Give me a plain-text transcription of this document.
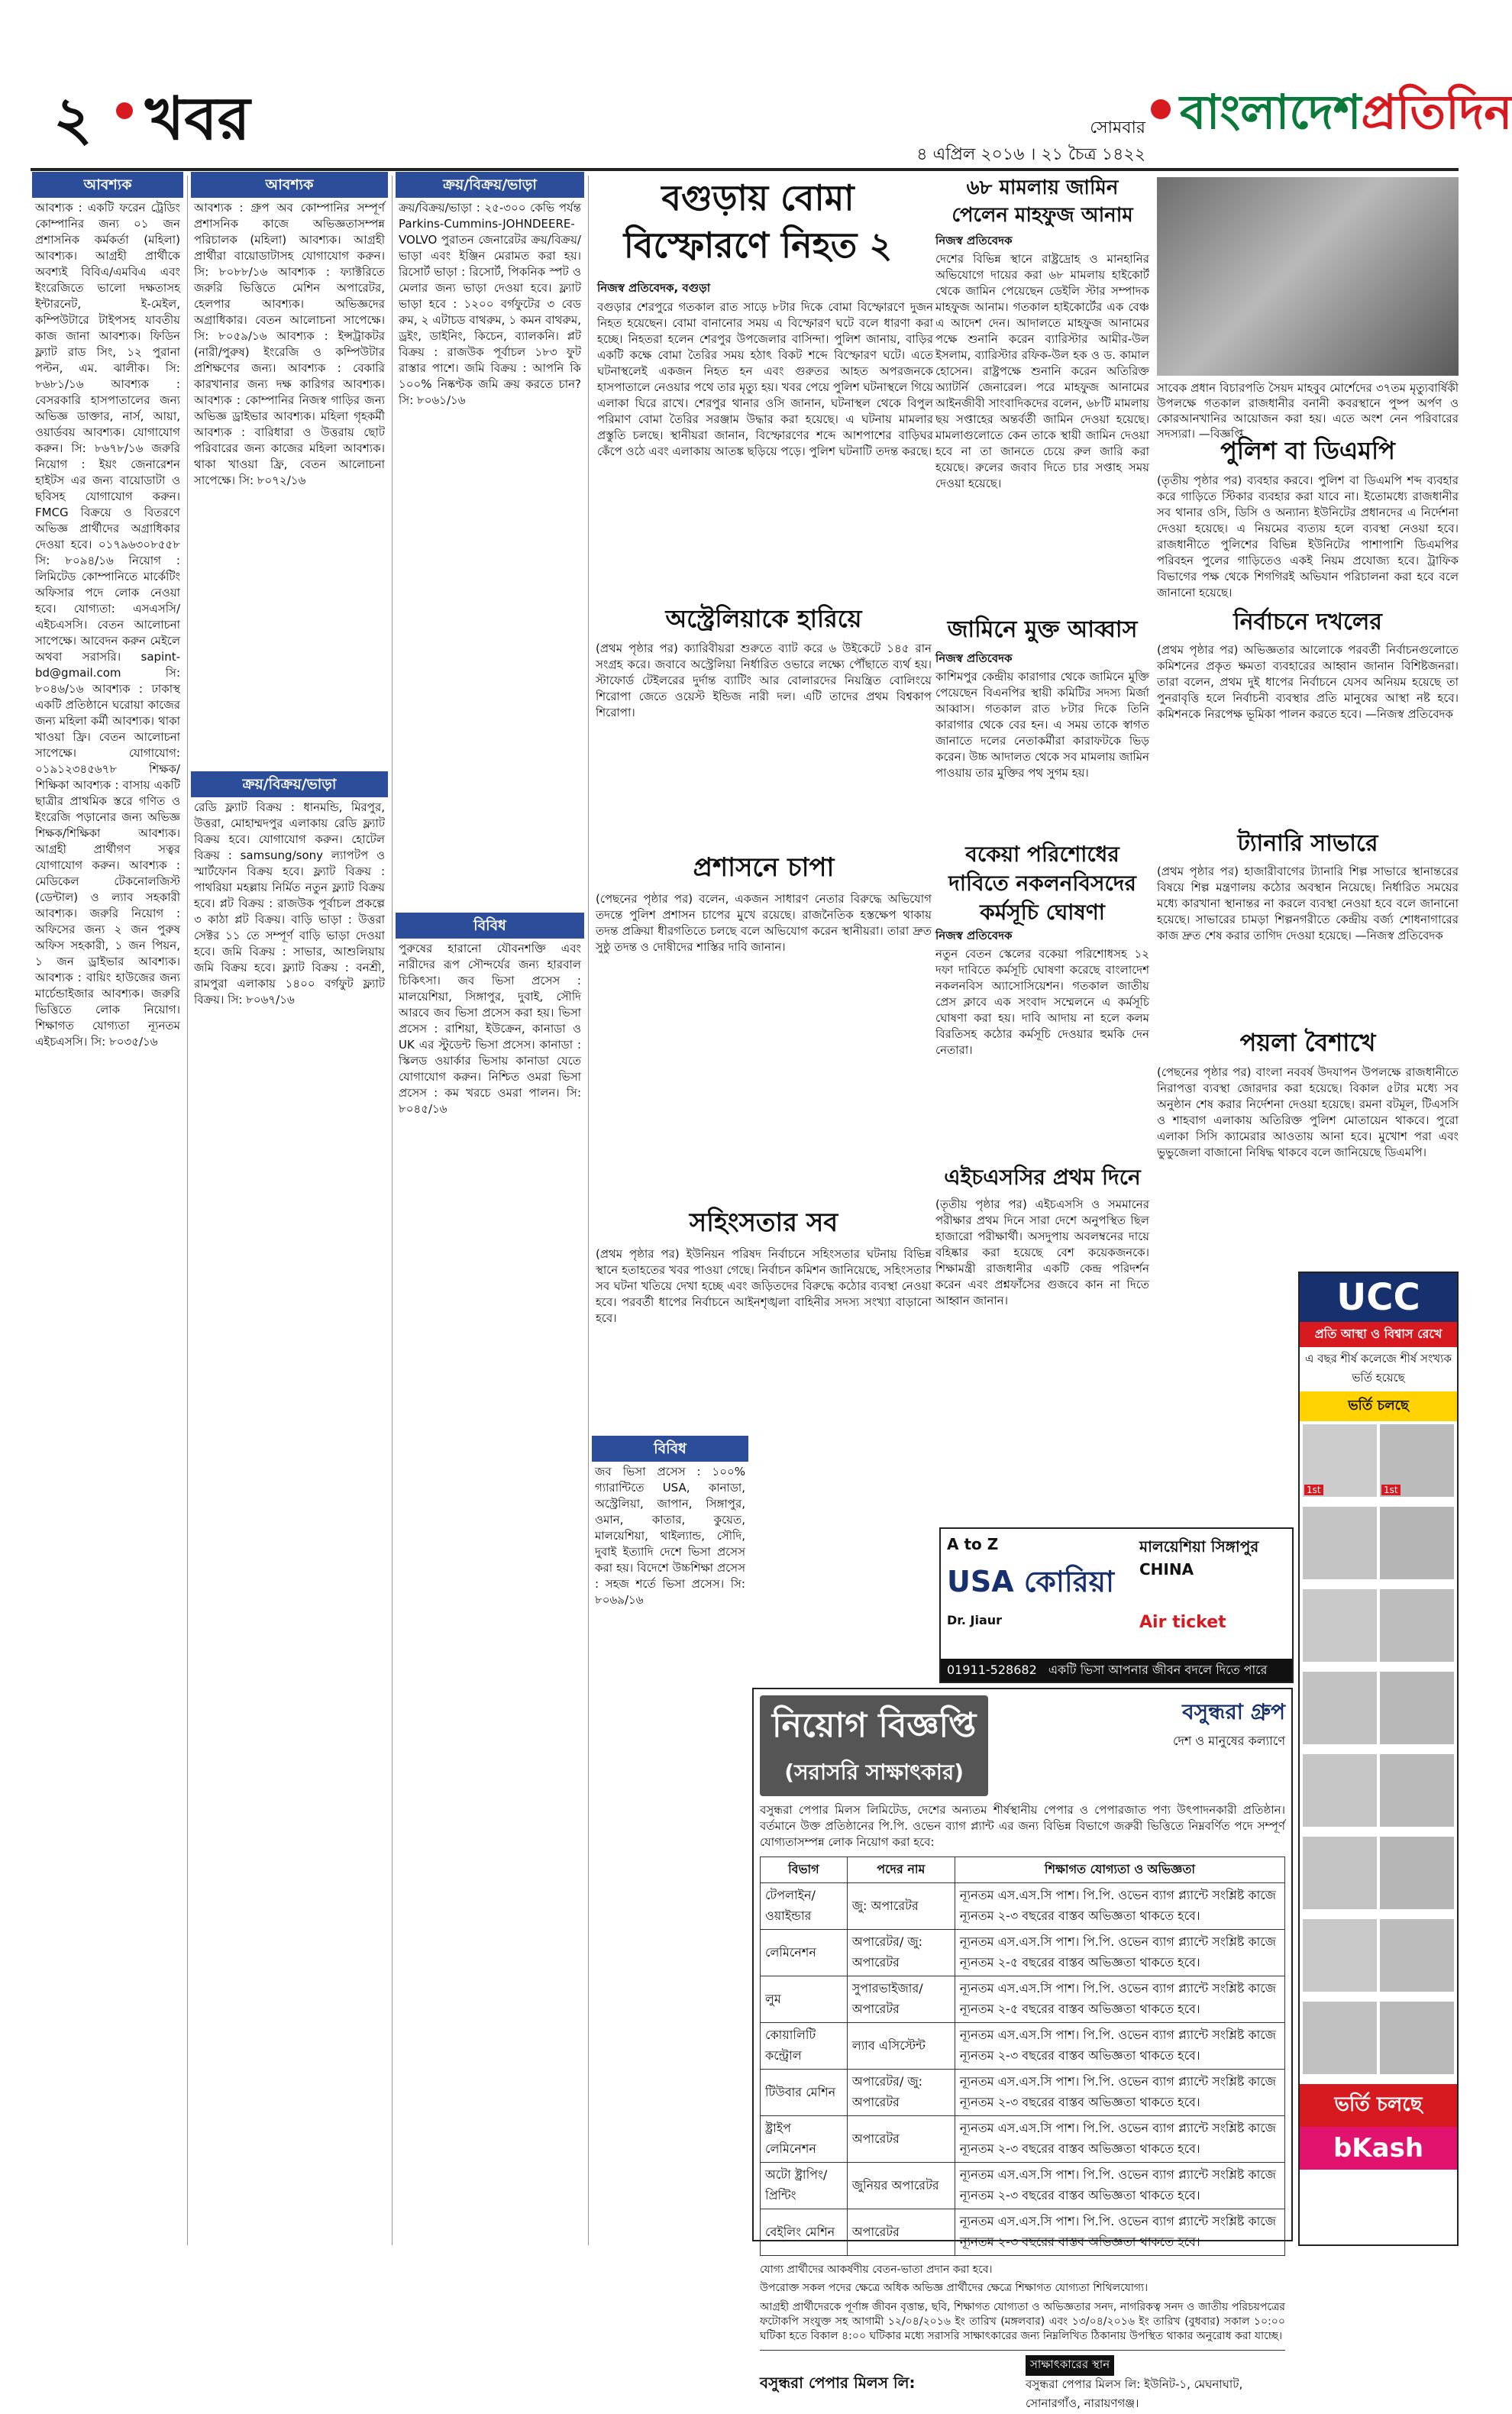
২ খবর	সোমবার
৪ এপ্রিল ২০১৬ । ২১ চৈত্র ১৪২২
বাংলাদেশপ্রতিদিন
আবশ্যক
আবশ্যক : একটি ফরেন ট্রেডিং কোম্পানির জন্য ০১ জন প্রশাসনিক কর্মকর্তা (মহিলা) আবশ্যক। আগ্রহী প্রার্থীকে অবশ্যই বিবিএ/এমবিএ এবং ইংরেজিতে ভালো দক্ষতাসহ ইন্টারনেট, ই-মেইল, কম্পিউটারে টাইপসহ যাবতীয় কাজ জানা আবশ্যক। ফিডিন ফ্ল্যাট রাড সিং, ১২ পুরানা পল্টন, এম. ঝালীক। সি: ৮৬৮১/১৬ আবশ্যক : বেসরকারি হাসপাতালের জন্য অভিজ্ঞ ডাক্তার, নার্স, আয়া, ওয়ার্ডবয় আবশ্যক। যোগাযোগ করুন। সি: ৮৬৭৮/১৬ জরুরি নিয়োগ : ইয়ং জেনারেশন হাইটস এর জন্য বায়োডাটা ও ছবিসহ যোগাযোগ করুন। FMCG বিক্রয়ে ও বিতরণে অভিজ্ঞ প্রার্থীদের অগ্রাধিকার দেওয়া হবে। ০১৭৯৬৩০৮৫৫৮ সি: ৮০৯৪/১৬ নিয়োগ : লিমিটেড কোম্পানিতে মার্কেটিং অফিসার পদে লোক নেওয়া হবে। যোগ্যতা: এসএসসি/এইচএসসি। বেতন আলোচনা সাপেক্ষে। আবেদন করুন মেইলে অথবা সরাসরি। sapint-bd@gmail.com সি: ৮০৪৬/১৬ আবশ্যক : ঢাকাস্থ একটি প্রতিষ্ঠানে ঘরোয়া কাজের জন্য মহিলা কর্মী আবশ্যক। থাকা খাওয়া ফ্রি। বেতন আলোচনা সাপেক্ষে। যোগাযোগ: ০১৯১২৩৪৫৬৭৮ শিক্ষক/শিক্ষিকা আবশ্যক : বাসায় একটি ছাত্রীর প্রাথমিক স্তরে গণিত ও ইংরেজি পড়ানোর জন্য অভিজ্ঞ শিক্ষক/শিক্ষিকা আবশ্যক। আগ্রহী প্রার্থীগণ সত্বর যোগাযোগ করুন। আবশ্যক : মেডিকেল টেকনোলজিস্ট (ডেন্টাল) ও ল্যাব সহকারী আবশ্যক। জরুরি নিয়োগ : অফিসের জন্য ২ জন পুরুষ অফিস সহকারী, ১ জন পিয়ন, ১ জন ড্রাইভার আবশ্যক। আবশ্যক : বায়িং হাউজের জন্য মার্চেন্ডাইজার আবশ্যক। জরুরি ভিত্তিতে লোক নিয়োগ। শিক্ষাগত যোগ্যতা ন্যূনতম এইচএসসি। সি: ৮০৩৫/১৬
আবশ্যক
আবশ্যক : গ্রুপ অব কোম্পানির সম্পূর্ণ প্রশাসনিক কাজে অভিজ্ঞতাসম্পন্ন পরিচালক (মহিলা) আবশ্যক। আগ্রহী প্রার্থীরা বায়োডাটাসহ যোগাযোগ করুন। সি: ৮০৮৮/১৬ আবশ্যক : ফ্যাক্টরিতে জরুরি ভিত্তিতে মেশিন অপারেটর, হেলপার আবশ্যক। অভিজ্ঞদের অগ্রাধিকার। বেতন আলোচনা সাপেক্ষে। সি: ৮০৫৯/১৬ আবশ্যক : ইন্সট্রাকটর (নারী/পুরুষ) ইংরেজি ও কম্পিউটার প্রশিক্ষণের জন্য। আবশ্যক : বেকারি কারখানার জন্য দক্ষ কারিগর আবশ্যক। আবশ্যক : কোম্পানির নিজস্ব গাড়ির জন্য অভিজ্ঞ ড্রাইভার আবশ্যক। মহিলা গৃহকর্মী আবশ্যক : বারিধারা ও উত্তরায় ছোট পরিবারের জন্য কাজের মহিলা আবশ্যক। থাকা খাওয়া ফ্রি, বেতন আলোচনা সাপেক্ষে। সি: ৮০৭২/১৬
ক্রয়/বিক্রয়/ভাড়া
রেডি ফ্ল্যাট বিক্রয় : ধানমন্ডি, মিরপুর, উত্তরা, মোহাম্মদপুর এলাকায় রেডি ফ্ল্যাট বিক্রয় হবে। যোগাযোগ করুন। হোটেল বিক্রয় : samsung/sony ল্যাপটপ ও স্মার্টফোন বিক্রয় হবে। ফ্ল্যাট বিক্রয় : পাথরিয়া মহল্লায় নির্মিত নতুন ফ্ল্যাট বিক্রয় হবে। প্লট বিক্রয় : রাজউক পূর্বাচল প্রকল্পে ৩ কাঠা প্লট বিক্রয়। বাড়ি ভাড়া : উত্তরা সেক্টর ১১ তে সম্পূর্ণ বাড়ি ভাড়া দেওয়া হবে। জমি বিক্রয় : সাভার, আশুলিয়ায় জমি বিক্রয় হবে। ফ্ল্যাট বিক্রয় : বনশ্রী, রামপুরা এলাকায় ১৪০০ বর্গফুট ফ্ল্যাট বিক্রয়। সি: ৮০৬৭/১৬
ক্রয়/বিক্রয়/ভাড়া
ক্রয়/বিক্রয়/ভাড়া : ২৫-৩০০ কেভি পর্যন্ত Parkins-Cummins-JOHNDEERE-VOLVO পুরাতন জেনারেটর ক্রয়/বিক্রয়/ভাড়া এবং ইঞ্জিন মেরামত করা হয়। রিসোর্ট ভাড়া : রিসোর্ট, পিকনিক স্পট ও মেলার জন্য ভাড়া দেওয়া হবে। ফ্ল্যাট ভাড়া হবে : ১২০০ বর্গফুটের ৩ বেড রুম, ২ এটাচড বাথরুম, ১ কমন বাথরুম, ড্রইং, ডাইনিং, কিচেন, ব্যালকনি। প্লট বিক্রয় : রাজউক পূর্বাচল ১৮৩ ফুট রাস্তার পাশে। জমি বিক্রয় : আপনি কি ১০০% নিষ্কণ্টক জমি ক্রয় করতে চান? সি: ৮০৬১/১৬
বিবিধ
পুরুষের হারানো যৌবনশক্তি এবং নারীদের রূপ সৌন্দর্যের জন্য হারবাল চিকিৎসা। জব ভিসা প্রসেস : মালয়েশিয়া, সিঙ্গাপুর, দুবাই, সৌদি আরবে জব ভিসা প্রসেস করা হয়। ভিসা প্রসেস : রাশিয়া, ইউক্রেন, কানাডা ও UK এর স্টুডেন্ট ভিসা প্রসেস। কানাডা : স্কিলড ওয়ার্কার ভিসায় কানাডা যেতে যোগাযোগ করুন। নিশ্চিত ওমরা ভিসা প্রসেস : কম খরচে ওমরা পালন। সি: ৮০৪৫/১৬
বিবিধ
জব ভিসা প্রসেস : ১০০% গ্যারান্টিতে USA, কানাডা, অস্ট্রেলিয়া, জাপান, সিঙ্গাপুর, ওমান, কাতার, কুয়েত, মালয়েশিয়া, থাইল্যান্ড, সৌদি, দুবাই ইত্যাদি দেশে ভিসা প্রসেস করা হয়। বিদেশে উচ্চশিক্ষা প্রসেস : সহজ শর্তে ভিসা প্রসেস। সি: ৮০৬৯/১৬
বগুড়ায় বোমা বিস্ফোরণে নিহত ২
নিজস্ব প্রতিবেদক, বগুড়া
বগুড়ার শেরপুরে গতকাল রাত সাড়ে ৮টার দিকে বোমা বিস্ফোরণে দুজন নিহত হয়েছেন। বোমা বানানোর সময় এ বিস্ফোরণ ঘটে বলে ধারণা করা হচ্ছে। নিহতরা হলেন শেরপুর উপজেলার বাসিন্দা। পুলিশ জানায়, বাড়ির একটি কক্ষে বোমা তৈরির সময় হঠাৎ বিকট শব্দে বিস্ফোরণ ঘটে। এতে ঘটনাস্থলেই একজন নিহত হন এবং গুরুতর আহত অপরজনকে হাসপাতালে নেওয়ার পথে তার মৃত্যু হয়। খবর পেয়ে পুলিশ ঘটনাস্থলে গিয়ে এলাকা ঘিরে রাখে। শেরপুর থানার ওসি জানান, ঘটনাস্থল থেকে বিপুল পরিমাণ বোমা তৈরির সরঞ্জাম উদ্ধার করা হয়েছে। এ ঘটনায় মামলার প্রস্তুতি চলছে। স্থানীয়রা জানান, বিস্ফোরণের শব্দে আশপাশের বাড়িঘর কেঁপে ওঠে এবং এলাকায় আতঙ্ক ছড়িয়ে পড়ে। পুলিশ ঘটনাটি তদন্ত করছে।
৬৮ মামলায় জামিন পেলেন মাহফুজ আনাম
নিজস্ব প্রতিবেদক
দেশের বিভিন্ন স্থানে রাষ্ট্রদ্রোহ ও মানহানির অভিযোগে দায়ের করা ৬৮ মামলায় হাইকোর্ট থেকে জামিন পেয়েছেন ডেইলি স্টার সম্পাদক মাহফুজ আনাম। গতকাল হাইকোর্টের এক বেঞ্চ এ আদেশ দেন। আদালতে মাহফুজ আনামের পক্ষে শুনানি করেন ব্যারিস্টার আমীর-উল ইসলাম, ব্যারিস্টার রফিক-উল হক ও ড. কামাল হোসেন। রাষ্ট্রপক্ষে শুনানি করেন অতিরিক্ত অ্যাটর্নি জেনারেল। পরে মাহফুজ আনামের আইনজীবী সাংবাদিকদের বলেন, ৬৮টি মামলায় ছয় সপ্তাহের অন্তর্বর্তী জামিন দেওয়া হয়েছে। মামলাগুলোতে কেন তাকে স্থায়ী জামিন দেওয়া হবে না তা জানতে চেয়ে রুল জারি করা হয়েছে। রুলের জবাব দিতে চার সপ্তাহ সময় দেওয়া হয়েছে।
সাবেক প্রধান বিচারপতি সৈয়দ মাহবুব মোর্শেদের ৩৭তম মৃত্যুবার্ষিকী উপলক্ষে গতকাল রাজধানীর বনানী কবরস্থানে পুষ্প অর্পণ ও কোরআনখানির আয়োজন করা হয়। এতে অংশ নেন পরিবারের সদস্যরা। —বিজ্ঞপ্তি
পুলিশ বা ডিএমপি
(তৃতীয় পৃষ্ঠার পর) ব্যবহার করবে। পুলিশ বা ডিএমপি শব্দ ব্যবহার করে গাড়িতে স্টিকার ব্যবহার করা যাবে না। ইতোমধ্যে রাজধানীর সব থানার ওসি, ডিসি ও অন্যান্য ইউনিটের প্রধানদের এ নির্দেশনা দেওয়া হয়েছে। এ নিয়মের ব্যত্যয় হলে ব্যবস্থা নেওয়া হবে। রাজধানীতে পুলিশের বিভিন্ন ইউনিটের পাশাপাশি ডিএমপির পরিবহন পুলের গাড়িতেও একই নিয়ম প্রযোজ্য হবে। ট্রাফিক বিভাগের পক্ষ থেকে শিগগিরই অভিযান পরিচালনা করা হবে বলে জানানো হয়েছে।
নির্বাচনে দখলের
(প্রথম পৃষ্ঠার পর) অভিজ্ঞতার আলোকে পরবর্তী নির্বাচনগুলোতে কমিশনের প্রকৃত ক্ষমতা ব্যবহারের আহ্বান জানান বিশিষ্টজনরা। তারা বলেন, প্রথম দুই ধাপের নির্বাচনে যেসব অনিয়ম হয়েছে তা পুনরাবৃত্তি হলে নির্বাচনী ব্যবস্থার প্রতি মানুষের আস্থা নষ্ট হবে। কমিশনকে নিরপেক্ষ ভূমিকা পালন করতে হবে। —নিজস্ব প্রতিবেদক
ট্যানারি সাভারে
(প্রথম পৃষ্ঠার পর) হাজারীবাগের ট্যানারি শিল্প সাভারে স্থানান্তরের বিষয়ে শিল্প মন্ত্রণালয় কঠোর অবস্থান নিয়েছে। নির্ধারিত সময়ের মধ্যে কারখানা স্থানান্তর না করলে ব্যবস্থা নেওয়া হবে বলে জানানো হয়েছে। সাভারের চামড়া শিল্পনগরীতে কেন্দ্রীয় বর্জ্য শোধনাগারের কাজ দ্রুত শেষ করার তাগিদ দেওয়া হয়েছে। —নিজস্ব প্রতিবেদক
পয়লা বৈশাখে
(পেছনের পৃষ্ঠার পর) বাংলা নববর্ষ উদযাপন উপলক্ষে রাজধানীতে নিরাপত্তা ব্যবস্থা জোরদার করা হয়েছে। বিকাল ৫টার মধ্যে সব অনুষ্ঠান শেষ করার নির্দেশনা দেওয়া হয়েছে। রমনা বটমূল, টিএসসি ও শাহবাগ এলাকায় অতিরিক্ত পুলিশ মোতায়েন থাকবে। পুরো এলাকা সিসি ক্যামেরার আওতায় আনা হবে। মুখোশ পরা এবং ভুভুজেলা বাজানো নিষিদ্ধ থাকবে বলে জানিয়েছে ডিএমপি।
অস্ট্রেলিয়াকে হারিয়ে
(প্রথম পৃষ্ঠার পর) ক্যারিবীয়রা শুরুতে ব্যাট করে ৬ উইকেটে ১৪৫ রান সংগ্রহ করে। জবাবে অস্ট্রেলিয়া নির্ধারিত ওভারে লক্ষ্যে পৌঁছাতে ব্যর্থ হয়। স্টাফোর্ড টেইলরের দুর্দান্ত ব্যাটিং আর বোলারদের নিয়ন্ত্রিত বোলিংয়ে শিরোপা জেতে ওয়েস্ট ইন্ডিজ নারী দল। এটি তাদের প্রথম বিশ্বকাপ শিরোপা।
প্রশাসনে চাপা
(পেছনের পৃষ্ঠার পর) বলেন, একজন সাধারণ নেতার বিরুদ্ধে অভিযোগ তদন্তে পুলিশ প্রশাসন চাপের মুখে রয়েছে। রাজনৈতিক হস্তক্ষেপ থাকায় তদন্ত প্রক্রিয়া ধীরগতিতে চলছে বলে অভিযোগ করেন স্থানীয়রা। তারা দ্রুত সুষ্ঠু তদন্ত ও দোষীদের শাস্তির দাবি জানান।
সহিংসতার সব
(প্রথম পৃষ্ঠার পর) ইউনিয়ন পরিষদ নির্বাচনে সহিংসতার ঘটনায় বিভিন্ন স্থানে হতাহতের খবর পাওয়া গেছে। নির্বাচন কমিশন জানিয়েছে, সহিংসতার সব ঘটনা খতিয়ে দেখা হচ্ছে এবং জড়িতদের বিরুদ্ধে কঠোর ব্যবস্থা নেওয়া হবে। পরবর্তী ধাপের নির্বাচনে আইনশৃঙ্খলা বাহিনীর সদস্য সংখ্যা বাড়ানো হবে।
জামিনে মুক্ত আব্বাস
নিজস্ব প্রতিবেদক
কাশিমপুর কেন্দ্রীয় কারাগার থেকে জামিনে মুক্তি পেয়েছেন বিএনপির স্থায়ী কমিটির সদস্য মির্জা আব্বাস। গতকাল রাত ৮টার দিকে তিনি কারাগার থেকে বের হন। এ সময় তাকে স্বাগত জানাতে দলের নেতাকর্মীরা কারাফটকে ভিড় করেন। উচ্চ আদালত থেকে সব মামলায় জামিন পাওয়ায় তার মুক্তির পথ সুগম হয়।
বকেয়া পরিশোধের দাবিতে নকলনবিসদের কর্মসূচি ঘোষণা
নিজস্ব প্রতিবেদক
নতুন বেতন স্কেলের বকেয়া পরিশোধসহ ১২ দফা দাবিতে কর্মসূচি ঘোষণা করেছে বাংলাদেশ নকলনবিস অ্যাসোসিয়েশন। গতকাল জাতীয় প্রেস ক্লাবে এক সংবাদ সম্মেলনে এ কর্মসূচি ঘোষণা করা হয়। দাবি আদায় না হলে কলম বিরতিসহ কঠোর কর্মসূচি দেওয়ার হুমকি দেন নেতারা।
এইচএসসির প্রথম দিনে
(তৃতীয় পৃষ্ঠার পর) এইচএসসি ও সমমানের পরীক্ষার প্রথম দিনে সারা দেশে অনুপস্থিত ছিল হাজারো পরীক্ষার্থী। অসদুপায় অবলম্বনের দায়ে বহিষ্কার করা হয়েছে বেশ কয়েকজনকে। শিক্ষামন্ত্রী রাজধানীর একটি কেন্দ্র পরিদর্শন করেন এবং প্রশ্নফাঁসের গুজবে কান না দিতে আহ্বান জানান।	UCC
প্রতি আস্থা ও বিশ্বাস রেখে
এ বছর শীর্ষ কলেজে শীর্ষ সংখ্যক ভর্তি হয়েছে
ভর্তি চলছে
1st	1st
ভর্তি চলছে
bKash
A to Z
USA কোরিয়া
মালয়েশিয়া সিঙ্গাপুর CHINA
Air ticket
Dr. Jiaur
01911-528682 একটি ভিসা আপনার জীবন বদলে দিতে পারে
নিয়োগ বিজ্ঞপ্তি
(সরাসরি সাক্ষাৎকার)
বসুন্ধরা গ্রুপ
দেশ ও মানুষের কল্যাণে
বসুন্ধরা পেপার মিলস লিমিটেড, দেশের অন্যতম শীর্ষস্থানীয় পেপার ও পেপারজাত পণ্য উৎপাদনকারী প্রতিষ্ঠান। বর্তমানে উক্ত প্রতিষ্ঠানের পি.পি. ওভেন ব্যাগ প্ল্যান্ট এর জন্য বিভিন্ন বিভাগে জরুরী ভিত্তিতে নিম্নবর্ণিত পদে সম্পূর্ণ যোগ্যতাসম্পন্ন লোক নিয়োগ করা হবে:
বিভাগ	পদের নাম	শিক্ষাগত যোগ্যতা ও অভিজ্ঞতা
টেপলাইন/ ওয়াইন্ডার	জু: অপারেটর	ন্যূনতম এস.এস.সি পাশ। পি.পি. ওভেন ব্যাগ প্ল্যান্টে সংশ্লিষ্ট কাজে ন্যূনতম ২-৩ বছরের বাস্তব অভিজ্ঞতা থাকতে হবে।
লেমিনেশন	অপারেটর/ জু: অপারেটর	ন্যূনতম এস.এস.সি পাশ। পি.পি. ওভেন ব্যাগ প্ল্যান্টে সংশ্লিষ্ট কাজে ন্যূনতম ২-৫ বছরের বাস্তব অভিজ্ঞতা থাকতে হবে।
লুম	সুপারভাইজার/ অপারেটর	ন্যূনতম এস.এস.সি পাশ। পি.পি. ওভেন ব্যাগ প্ল্যান্টে সংশ্লিষ্ট কাজে ন্যূনতম ২-৫ বছরের বাস্তব অভিজ্ঞতা থাকতে হবে।
কোয়ালিটি কন্ট্রোল	ল্যাব এসিস্টেন্ট	ন্যূনতম এস.এস.সি পাশ। পি.পি. ওভেন ব্যাগ প্ল্যান্টে সংশ্লিষ্ট কাজে ন্যূনতম ২-৩ বছরের বাস্তব অভিজ্ঞতা থাকতে হবে।
টিউবার মেশিন	অপারেটর/ জু: অপারেটর	ন্যূনতম এস.এস.সি পাশ। পি.পি. ওভেন ব্যাগ প্ল্যান্টে সংশ্লিষ্ট কাজে ন্যূনতম ২-৩ বছরের বাস্তব অভিজ্ঞতা থাকতে হবে।
ষ্ট্রাইপ লেমিনেশন	অপারেটর	ন্যূনতম এস.এস.সি পাশ। পি.পি. ওভেন ব্যাগ প্ল্যান্টে সংশ্লিষ্ট কাজে ন্যূনতম ২-৩ বছরের বাস্তব অভিজ্ঞতা থাকতে হবে।
অটো ষ্ট্রাপিং/ প্রিন্টিং	জুনিয়র অপারেটর	ন্যূনতম এস.এস.সি পাশ। পি.পি. ওভেন ব্যাগ প্ল্যান্টে সংশ্লিষ্ট কাজে ন্যূনতম ২-৩ বছরের বাস্তব অভিজ্ঞতা থাকতে হবে।
বেইলিং মেশিন	অপারেটর	ন্যূনতম এস.এস.সি পাশ। পি.পি. ওভেন ব্যাগ প্ল্যান্টে সংশ্লিষ্ট কাজে ন্যূনতম ২-৩ বছরের বাস্তব অভিজ্ঞতা থাকতে হবে।
যোগ্য প্রার্থীদের আকর্ষণীয় বেতন-ভাতা প্রদান করা হবে।
উপরোক্ত সকল পদের ক্ষেত্রে অধিক অভিজ্ঞ প্রার্থীদের ক্ষেত্রে শিক্ষাগত যোগ্যতা শিথিলযোগ্য।
আগ্রহী প্রার্থীদেরকে পূর্ণাঙ্গ জীবন বৃত্তান্ত, ছবি, শিক্ষাগত যোগ্যতা ও অভিজ্ঞতার সনদ, নাগরিকত্ব সনদ ও জাতীয় পরিচয়পত্রের ফটোকপি সংযুক্ত সহ আগামী ১২/০৪/২০১৬ ইং তারিখ (মঙ্গলবার) এবং ১৩/০৪/২০১৬ ইং তারিখ (বুধবার) সকাল ১০:০০ ঘটিকা হতে বিকাল ৪:০০ ঘটিকার মধ্যে সরাসরি সাক্ষাৎকারের জন্য নিম্নলিখিত ঠিকানায় উপস্থিত থাকার অনুরোধ করা যাচ্ছে।
বসুন্ধরা পেপার মিলস লি:
সাক্ষাৎকারের স্থান
বসুন্ধরা পেপার মিলস লি: ইউনিট-১, মেঘনাঘাট, সোনারগাঁও, নারায়ণগঞ্জ।
